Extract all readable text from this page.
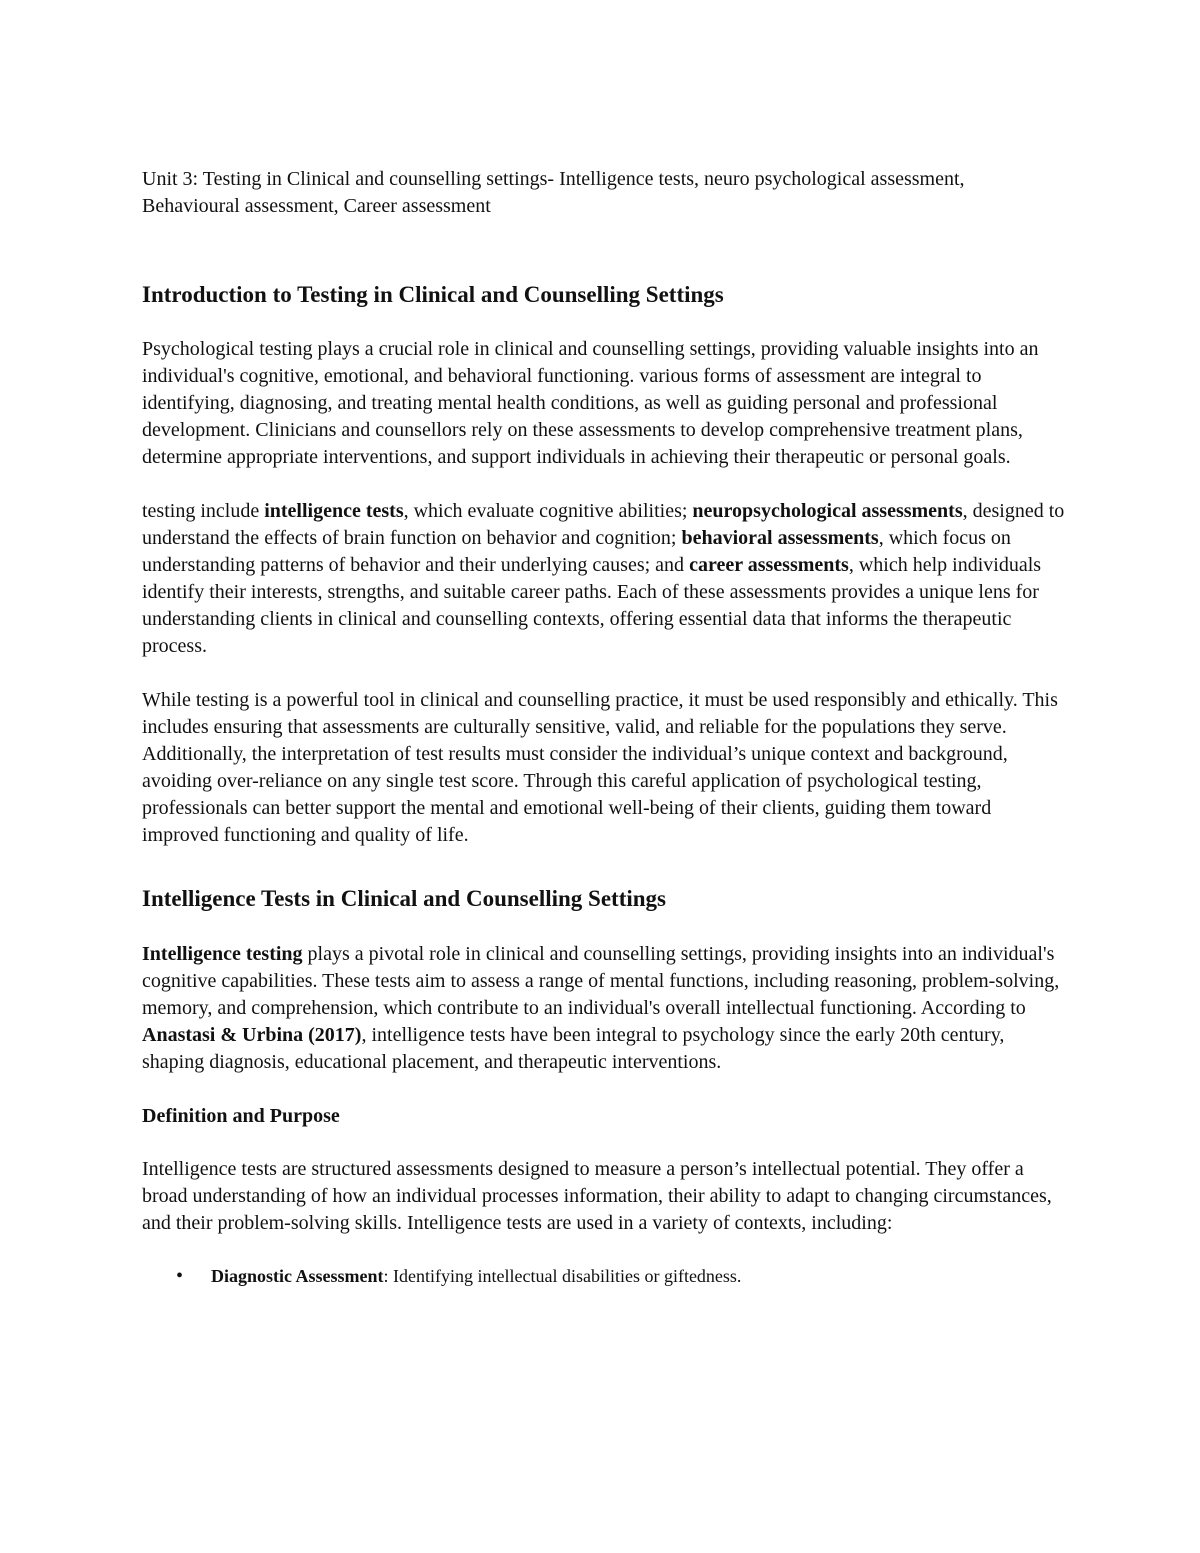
Unit 3: Testing in Clinical and counselling settings- Intelligence tests, neuro psychological assessment, Behavioural assessment, Career assessment

Introduction to Testing in Clinical and Counselling Settings

Psychological testing plays a crucial role in clinical and counselling settings, providing valuable insights into an individual's cognitive, emotional, and behavioral functioning. various forms of assessment are integral to identifying, diagnosing, and treating mental health conditions, as well as guiding personal and professional development. Clinicians and counsellors rely on these assessments to develop comprehensive treatment plans, determine appropriate interventions, and support individuals in achieving their therapeutic or personal goals.

testing include intelligence tests, which evaluate cognitive abilities; neuropsychological assessments, designed to understand the effects of brain function on behavior and cognition; behavioral assessments, which focus on understanding patterns of behavior and their underlying causes; and career assessments, which help individuals identify their interests, strengths, and suitable career paths. Each of these assessments provides a unique lens for understanding clients in clinical and counselling contexts, offering essential data that informs the therapeutic process.

While testing is a powerful tool in clinical and counselling practice, it must be used responsibly and ethically. This includes ensuring that assessments are culturally sensitive, valid, and reliable for the populations they serve. Additionally, the interpretation of test results must consider the individual’s unique context and background, avoiding over-reliance on any single test score. Through this careful application of psychological testing, professionals can better support the mental and emotional well-being of their clients, guiding them toward improved functioning and quality of life.

Intelligence Tests in Clinical and Counselling Settings

Intelligence testing plays a pivotal role in clinical and counselling settings, providing insights into an individual's cognitive capabilities. These tests aim to assess a range of mental functions, including reasoning, problem-solving, memory, and comprehension, which contribute to an individual's overall intellectual functioning. According to Anastasi & Urbina (2017), intelligence tests have been integral to psychology since the early 20th century, shaping diagnosis, educational placement, and therapeutic interventions.

Definition and Purpose

Intelligence tests are structured assessments designed to measure a person’s intellectual potential. They offer a broad understanding of how an individual processes information, their ability to adapt to changing circumstances, and their problem-solving skills. Intelligence tests are used in a variety of contexts, including:

• Diagnostic Assessment: Identifying intellectual disabilities or giftedness.
